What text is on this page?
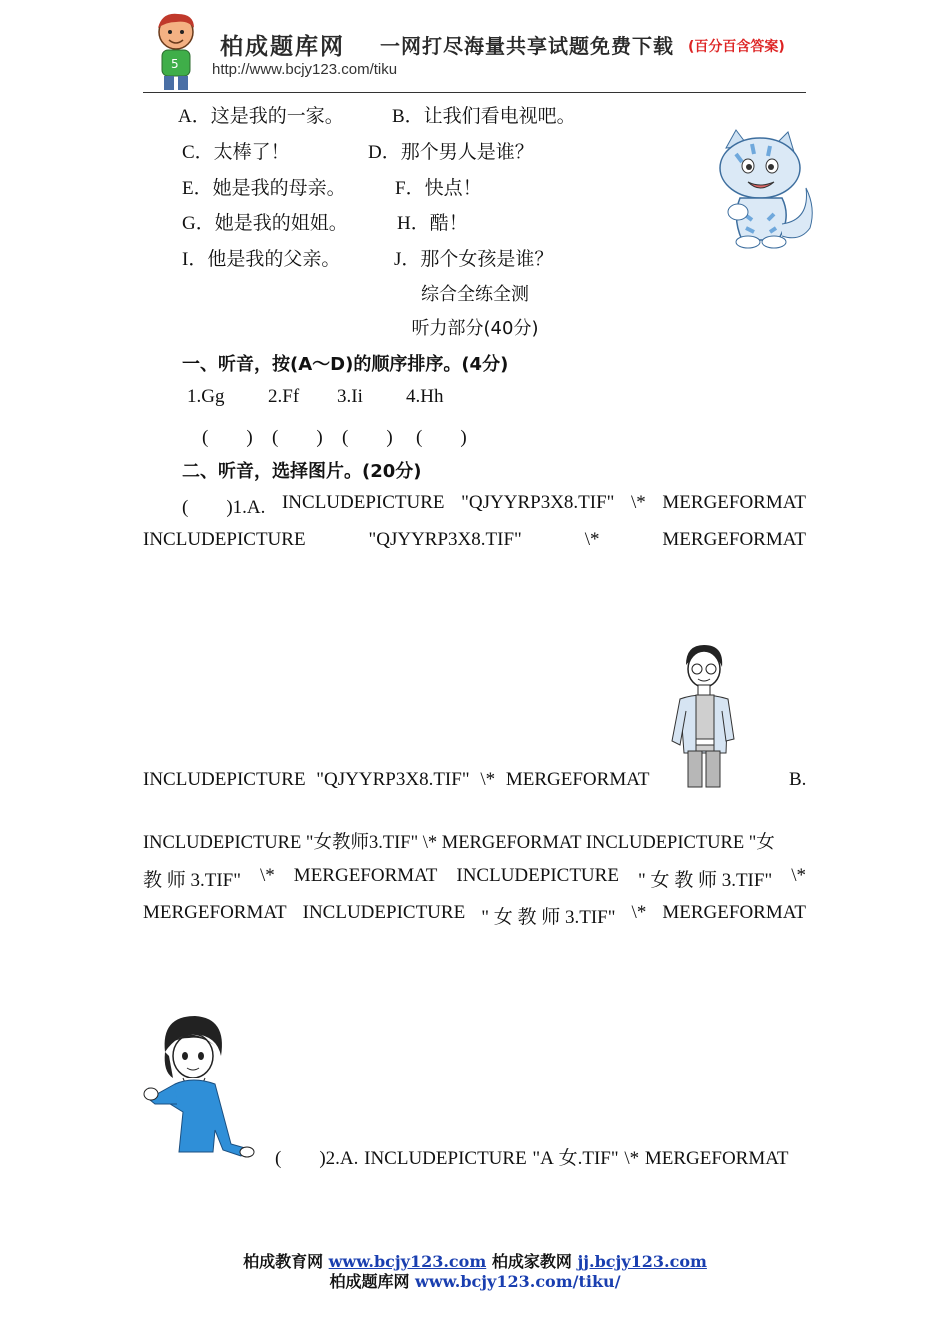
5
柏成题库网 一网打尽海量共享试题免费下载 (百分百含答案)
http://www.bcjy123.com/tiku
A．这是我的一家。	B．让我们看电视吧。
C．太棒了！	D．那个男人是谁？
E．她是我的母亲。	F．快点！
G．她是我的姐姐。	H．酷！
I．他是我的父亲。	J．那个女孩是谁？
综合全练全测
听力部分(40分)
一、听音，按(A～D)的顺序排序。(4分)
1.Gg 2.Ff 3.Ii 4.Hh
(　　) (　　) (　　) (　　)
二、听音，选择图片。(20分)
(　　)1.A. INCLUDEPICTURE "QJYYRP3X8.TIF" \* MERGEFORMAT
INCLUDEPICTURE	"QJYYRP3X8.TIF"	\*	MERGEFORMAT
INCLUDEPICTURE "QJYYRP3X8.TIF" \* MERGEFORMAT	B.
INCLUDEPICTURE "女教师3.TIF" \* MERGEFORMAT INCLUDEPICTURE "女
教 师 3.TIF" \* MERGEFORMAT INCLUDEPICTURE " 女 教 师 3.TIF" \*
MERGEFORMAT INCLUDEPICTURE " 女 教 师 3.TIF" \* MERGEFORMAT
(　　)2.A. INCLUDEPICTURE "A 女.TIF" \* MERGEFORMAT
柏成教育网 www.bcjy123.com 柏成家教网 jj.bcjy123.com
柏成题库网 www.bcjy123.com/tiku/
